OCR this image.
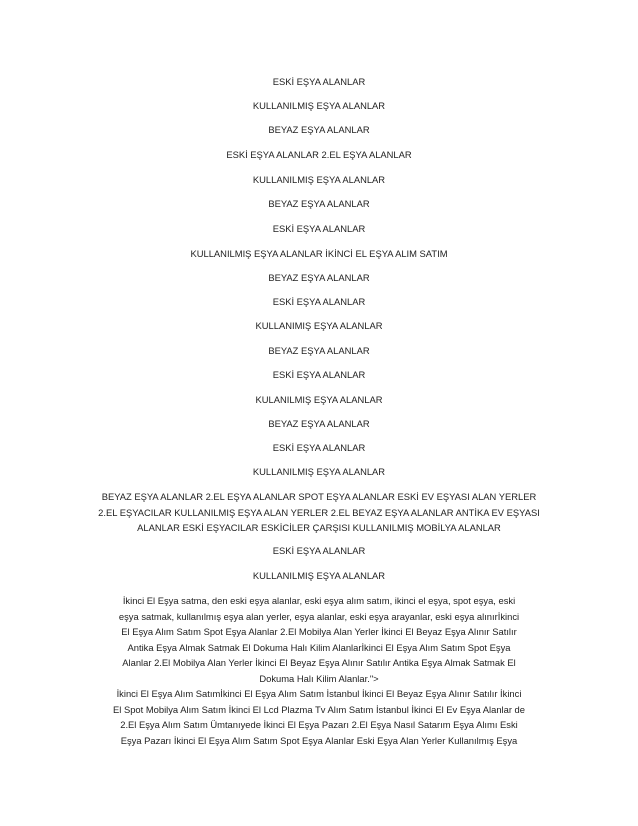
ESKİ EŞYA ALANLAR
KULLANILMIŞ EŞYA ALANLAR
BEYAZ EŞYA ALANLAR
ESKİ EŞYA ALANLAR 2.EL EŞYA ALANLAR
KULLANILMIŞ EŞYA ALANLAR
BEYAZ EŞYA ALANLAR
ESKİ EŞYA ALANLAR
KULLANILMIŞ EŞYA ALANLAR İKİNCİ EL EŞYA ALIM SATIM
BEYAZ EŞYA ALANLAR
ESKİ EŞYA ALANLAR
KULLANIMIŞ EŞYA ALANLAR
BEYAZ EŞYA ALANLAR
ESKİ EŞYA ALANLAR
KULANILMIŞ EŞYA ALANLAR
BEYAZ EŞYA ALANLAR
ESKİ EŞYA ALANLAR
KULLANILMIŞ EŞYA ALANLAR
BEYAZ EŞYA ALANLAR 2.EL EŞYA ALANLAR SPOT EŞYA ALANLAR ESKİ EV EŞYASI ALAN YERLER
2.EL EŞYACILAR KULLANILMIŞ EŞYA ALAN YERLER 2.EL BEYAZ EŞYA ALANLAR ANTİKA EV EŞYASI
ALANLAR ESKİ EŞYACILAR ESKİCİLER ÇARŞISI KULLANILMIŞ MOBİLYA ALANLAR
ESKİ EŞYA ALANLAR
KULLANILMIŞ EŞYA ALANLAR
İkinci El Eşya satma, den eski eşya alanlar, eski eşya alım satım, ikinci el eşya, spot eşya, eski
eşya satmak, kullanılmış eşya alan yerler, eşya alanlar, eski eşya arayanlar, eski eşya alınırİkinci
El Eşya Alım Satım Spot Eşya Alanlar 2.El Mobilya Alan Yerler İkinci El Beyaz Eşya Alınır Satılır
Antika Eşya Almak Satmak El Dokuma Halı Kilim Alanlarİkinci El Eşya Alım Satım Spot Eşya
Alanlar 2.El Mobilya Alan Yerler İkinci El Beyaz Eşya Alınır Satılır Antika Eşya Almak Satmak El
Dokuma Halı Kilim Alanlar.">
İkinci El Eşya Alım Satımİkinci El Eşya Alım Satım İstanbul İkinci El Beyaz Eşya Alınır Satılır İkinci
El Spot Mobilya Alım Satım İkinci El Lcd Plazma Tv Alım Satım İstanbul İkinci El Ev Eşya Alanlar de
2.El Eşya Alım Satım Ümtanıyede İkinci El Eşya Pazarı 2.El Eşya Nasıl Satarım Eşya Alımı Eski
Eşya Pazarı İkinci El Eşya Alım Satım Spot Eşya Alanlar Eski Eşya Alan Yerler Kullanılmış Eşya
